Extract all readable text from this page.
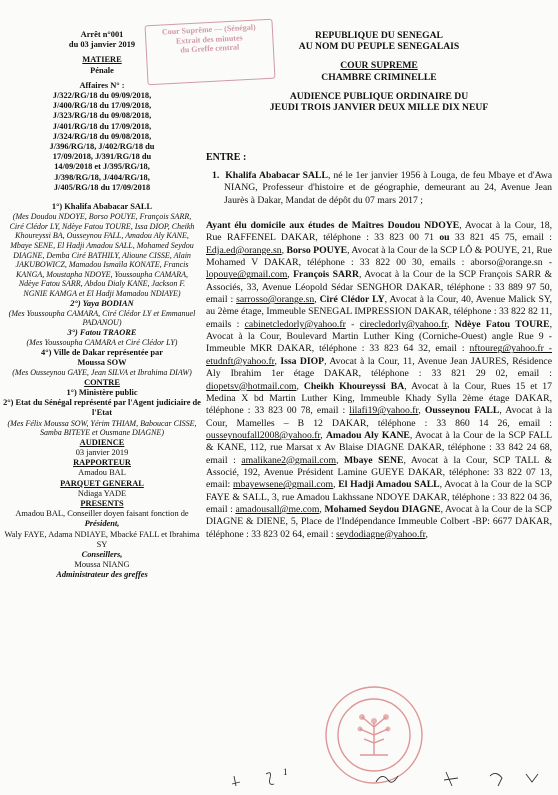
Arrêt n°001
du 03 janvier 2019
MATIERE
Pénale
Affaires N° :
J/322/RG/18 du 09/09/2018,
J/400/RG/18 du 17/09/2018,
J/323/RG/18 du 09/08/2018,
J/401/RG/18 du 17/09/2018,
J/324/RG/18 du 09/08/2018,
J/396/RG/18, J/402/RG/18 du
17/09/2018, J/391/RG/18 du
14/09/2018 et J/395/RG/18,
J/398/RG/18, J/404/RG/18,
J/405/RG/18 du 17/09/2018
1°) Khalifa Ababacar SALL
(Mes Doudou NDOYE, Borso POUYE, François SARR, Ciré Clédor LY, Ndèye Fatou TOURE, Issa DIOP, Cheikh Khoureyssi BA, Ousseynou FALL, Amadou Aly KANE, Mbaye SENE, El Hadji Amadou SALL, Mohamed Seydou DIAGNE, Demba Ciré BATHILY, Alioune CISSE, Alain JAKUBOWICZ, Mamadou Ismaïla KONATE, Francis KANGA, Moustapha NDOYE, Youssoupha CAMARA, Ndèye Fatou SARR, Abdou Dialy KANE, Jackson F. NGNIE KAMGA et El Hadji Mamadou NDIAYE)
2°) Yaya BODIAN
(Mes Youssoupha CAMARA, Ciré Clédor LY et Emmanuel PADANOU)
3°) Fatou TRAORE
(Mes Youssoupha CAMARA et Ciré Clédor LY)
4°) Ville de Dakar représentée par
Moussa SOW
(Mes Ousseynou GAYE, Jean SILVA et Ibrahima DIAW)
CONTRE
1°) Ministère public
2°) Etat du Sénégal représenté par l'Agent judiciaire de l'Etat
(Mes Félix Moussa SOW, Yérim THIAM, Baboucar CISSE, Samba BITEYE et Ousmane DIAGNE)
AUDIENCE
03 janvier 2019
RAPPORTEUR
Amadou BAL
PARQUET GENERAL
Ndiaga YADE
PRESENTS
Amadou BAL, Conseiller doyen faisant fonction de
Président,
Waly FAYE, Adama NDIAYE, Mbacké FALL et Ibrahima SY
Conseillers,
Moussa NIANG
Administrateur des greffes
Cour Suprême — (Sénégal)
Extrait des minutes
du Greffe central
REPUBLIQUE DU SENEGAL
AU NOM DU PEUPLE SENEGALAIS
COUR SUPREME
CHAMBRE CRIMINELLE
AUDIENCE PUBLIQUE ORDINAIRE DU
JEUDI TROIS JANVIER DEUX MILLE DIX NEUF
ENTRE :

1. Khalifa Ababacar SALL, né le 1er janvier 1956 à Louga, de feu Mbaye et d'Awa NIANG, Professeur d'histoire et de géographie, demeurant au 24, Avenue Jean Jaurès à Dakar, Mandat de dépôt du 07 mars 2017 ;

Ayant élu domicile aux études de Maîtres Doudou NDOYE, Avocat à la Cour, 18, Rue RAFFENEL DAKAR, téléphone : 33 823 00 71 ou 33 821 45 75, email : Edja.ed@orange.sn, Borso POUYE, Avocat à la Cour de la SCP LÔ & POUYE, 21, Rue Mohamed V DAKAR, téléphone : 33 822 00 30, emails : aborso@orange.sn - lopouye@gmail.com, François SARR, Avocat à la Cour de la SCP François SARR & Associés, 33, Avenue Léopold Sédar SENGHOR DAKAR, téléphone : 33 889 97 50, email : sarrosso@orange.sn, Ciré Clédor LY, Avocat à la Cour, 40, Avenue Malick SY, au 2ème étage, Immeuble SENEGAL IMPRESSION DAKAR, téléphone : 33 822 82 11, emails : cabinetcledorly@yahoo.fr - cirecledorly@yahoo.fr, Ndèye Fatou TOURE, Avocat à la Cour, Boulevard Martin Luther King (Corniche-Ouest) angle Rue 9 - Immeuble MKR DAKAR, téléphone : 33 823 64 32, email : nftoureg@yahoo.fr -etudnft@yahoo.fr, Issa DIOP, Avocat à la Cour, 11, Avenue Jean JAURES, Résidence Aly Ibrahim 1er étage DAKAR, téléphone : 33 821 29 02, email : diopetsv@hotmail.com, Cheikh Khoureyssi BA, Avocat à la Cour, Rues 15 et 17 Medina X bd Martin Luther King, Immeuble Khady Sylla 2ème étage DAKAR, téléphone : 33 823 00 78, email : lilafi19@yahoo.fr, Ousseynou FALL, Avocat à la Cour, Mamelles – B 12 DAKAR, téléphone : 33 860 14 26, email : ousseynoufall2008@yahoo.fr, Amadou Aly KANE, Avocat à la Cour de la SCP FALL & KANE, 112, rue Marsat x Av Blaise DIAGNE DAKAR, téléphone : 33 842 24 68, email : amalikane2@gmail.com, Mbaye SENE, Avocat à la Cour, SCP TALL & Associé, 192, Avenue Président Lamine GUEYE DAKAR, téléphone: 33 822 07 13, email: mbayewsene@gmail.com, El Hadji Amadou SALL, Avocat à la Cour de la SCP FAYE & SALL, 3, rue Amadou Lakhssane NDOYE DAKAR, téléphone : 33 822 04 36, email : amadousall@me.com, Mohamed Seydou DIAGNE, Avocat à la Cour de la SCP DIAGNE & DIENE, 5, Place de l'Indépendance Immeuble Colbert -BP: 6677 DAKAR, téléphone : 33 823 02 64, email : seydodiagne@yahoo.fr,

1
